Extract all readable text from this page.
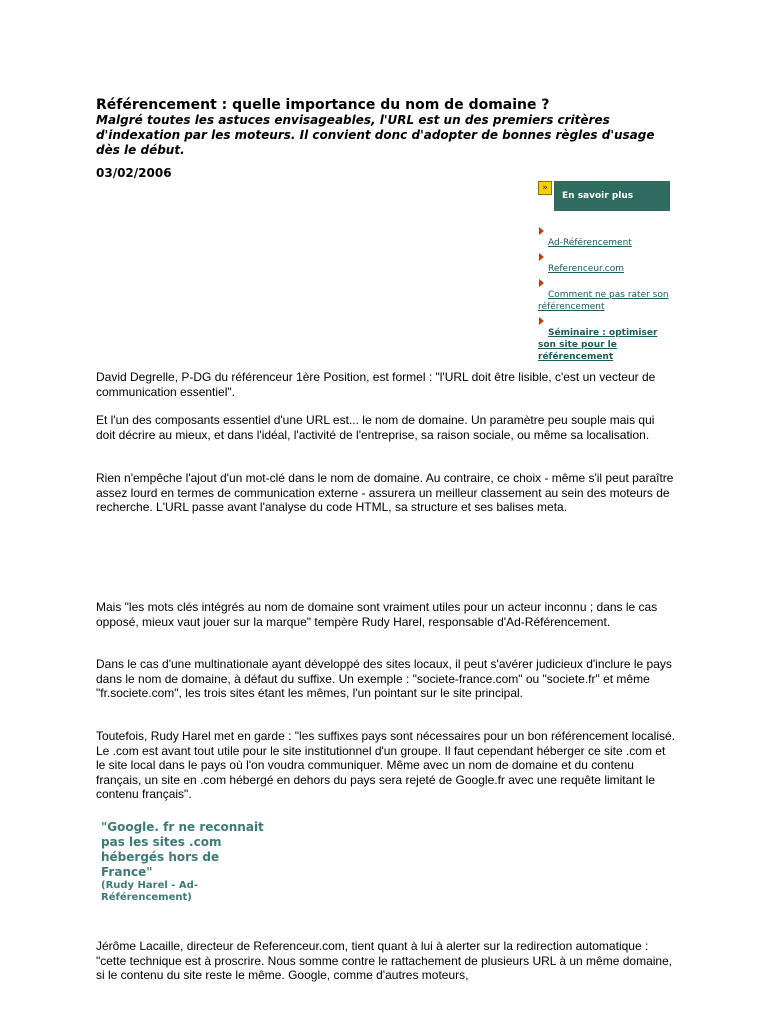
Référencement : quelle importance du nom de domaine ?

Malgré toutes les astuces envisageables, l'URL est un des premiers critères d'indexation par les moteurs. Il convient donc d'adopter de bonnes règles d'usage dès le début.

03/02/2006

»
En savoir plus
Ad-Référencement
Referenceur.com
Comment ne pas rater son référencement
Séminaire : optimiser son site pour le référencement

David Degrelle, P-DG du référenceur 1ère Position, est formel : "l'URL doit être lisible, c'est un vecteur de communication essentiel".

Et l'un des composants essentiel d'une URL est... le nom de domaine. Un paramètre peu souple mais qui doit décrire au mieux, et dans l'idéal, l'activité de l'entreprise, sa raison sociale, ou même sa localisation.

Rien n'empêche l'ajout d'un mot-clé dans le nom de domaine. Au contraire, ce choix - même s'il peut paraître assez lourd en termes de communication externe - assurera un meilleur classement au sein des moteurs de recherche. L'URL passe avant l'analyse du code HTML, sa structure et ses balises meta.

Mais "les mots clés intégrés au nom de domaine sont vraiment utiles pour un acteur inconnu ; dans le cas opposé, mieux vaut jouer sur la marque" tempère Rudy Harel, responsable d'Ad-Référencement.

Dans le cas d'une multinationale ayant développé des sites locaux, il peut s'avérer judicieux d'inclure le pays dans le nom de domaine, à défaut du suffixe. Un exemple : "societe-france.com" ou "societe.fr" et même "fr.societe.com", les trois sites étant les mêmes, l'un pointant sur le site principal.

Toutefois, Rudy Harel met en garde : "les suffixes pays sont nécessaires pour un bon référencement localisé. Le .com est avant tout utile pour le site institutionnel d'un groupe. Il faut cependant héberger ce site .com et le site local dans le pays où l'on voudra communiquer. Même avec un nom de domaine et du contenu français, un site en .com hébergé en dehors du pays sera rejeté de Google.fr avec une requête limitant le contenu français".

"Google. fr ne reconnait pas les sites .com hébergés hors de France"

(Rudy Harel - Ad-Référencement)

Jérôme Lacaille, directeur de Referenceur.com, tient quant à lui à alerter sur la redirection automatique : "cette technique est à proscrire. Nous somme contre le rattachement de plusieurs URL à un même domaine, si le contenu du site reste le même. Google, comme d'autres moteurs,
